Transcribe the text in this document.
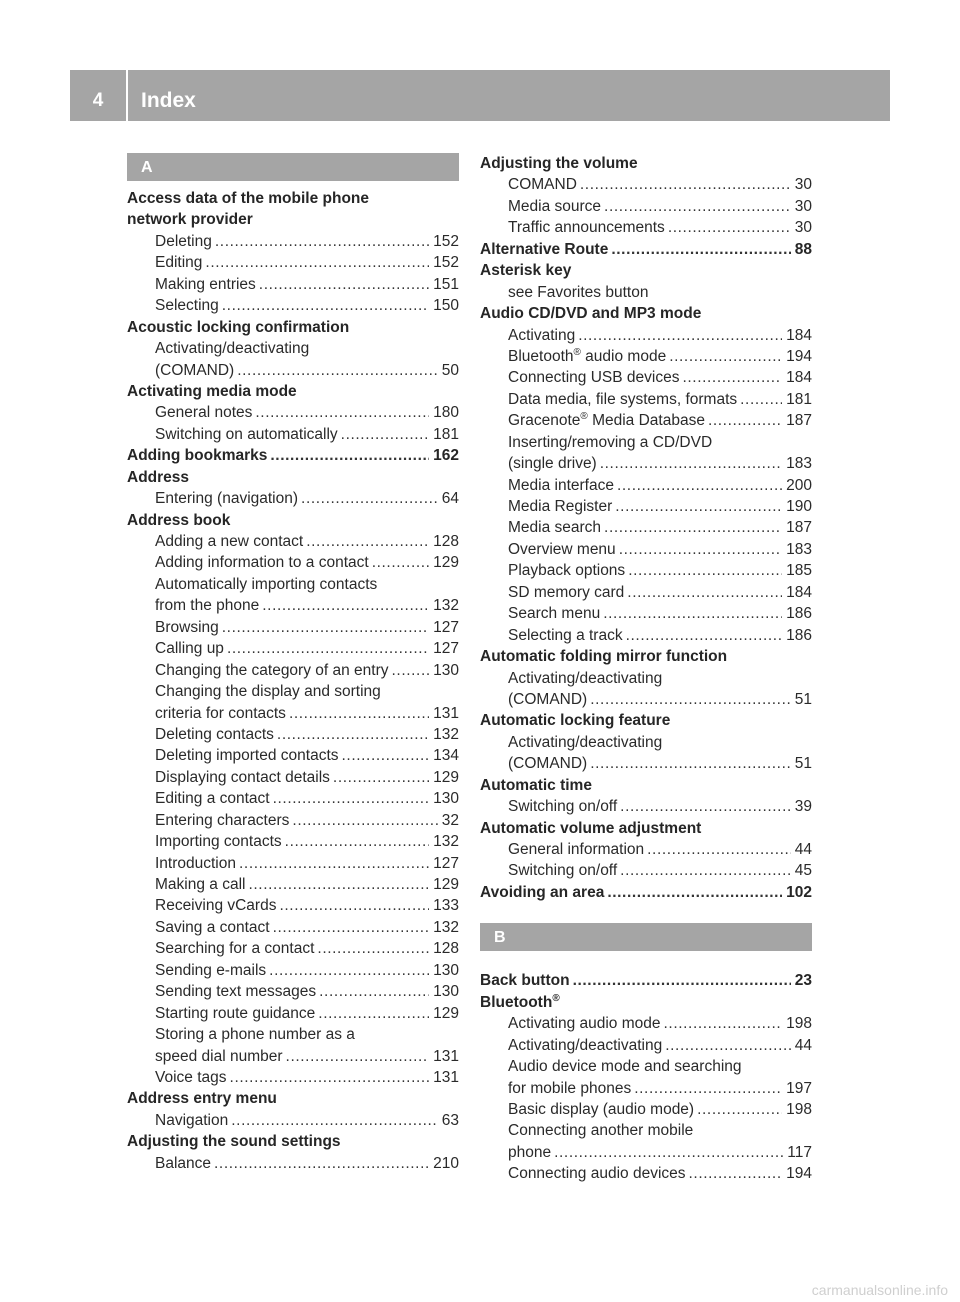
4	Index
A
Access data of the mobile phone
network provider
Deleting .....	152
Editing .....	152
Making entries .....	151
Selecting .....	150
Acoustic locking confirmation
Activating/deactivating
(COMAND) .....	50
Activating media mode
General notes .....	180
Switching on automatically .....	181
Adding bookmarks .....	162
Address
Entering (navigation) .....	64
Address book
Adding a new contact .....	128
Adding information to a contact .....	129
Automatically importing contacts
from the phone .....	132
Browsing .....	127
Calling up .....	127
Changing the category of an entry .....	130
Changing the display and sorting
criteria for contacts .....	131
Deleting contacts .....	132
Deleting imported contacts .....	134
Displaying contact details .....	129
Editing a contact .....	130
Entering characters .....	32
Importing contacts .....	132
Introduction .....	127
Making a call .....	129
Receiving vCards .....	133
Saving a contact .....	132
Searching for a contact .....	128
Sending e-mails .....	130
Sending text messages .....	130
Starting route guidance .....	129
Storing a phone number as a
speed dial number .....	131
Voice tags .....	131
Address entry menu
Navigation .....	63
Adjusting the sound settings
Balance .....	210
Adjusting the volume
COMAND .....	30
Media source .....	30
Traffic announcements .....	30
Alternative Route .....	88
Asterisk key
see Favorites button
Audio CD/DVD and MP3 mode
Activating .....	184
Bluetooth® audio mode .....	194
Connecting USB devices .....	184
Data media, file systems, formats .....	181
Gracenote® Media Database .....	187
Inserting/removing a CD/DVD
(single drive) .....	183
Media interface .....	200
Media Register .....	190
Media search .....	187
Overview menu .....	183
Playback options .....	185
SD memory card .....	184
Search menu .....	186
Selecting a track .....	186
Automatic folding mirror function
Activating/deactivating
(COMAND) .....	51
Automatic locking feature
Activating/deactivating
(COMAND) .....	51
Automatic time
Switching on/off .....	39
Automatic volume adjustment
General information .....	44
Switching on/off .....	45
Avoiding an area .....	102
B
Back button .....	23
Bluetooth®
Activating audio mode .....	198
Activating/deactivating .....	44
Audio device mode and searching
for mobile phones .....	197
Basic display (audio mode) .....	198
Connecting another mobile
phone .....	117
Connecting audio devices .....	194
carmanualsonline.info
